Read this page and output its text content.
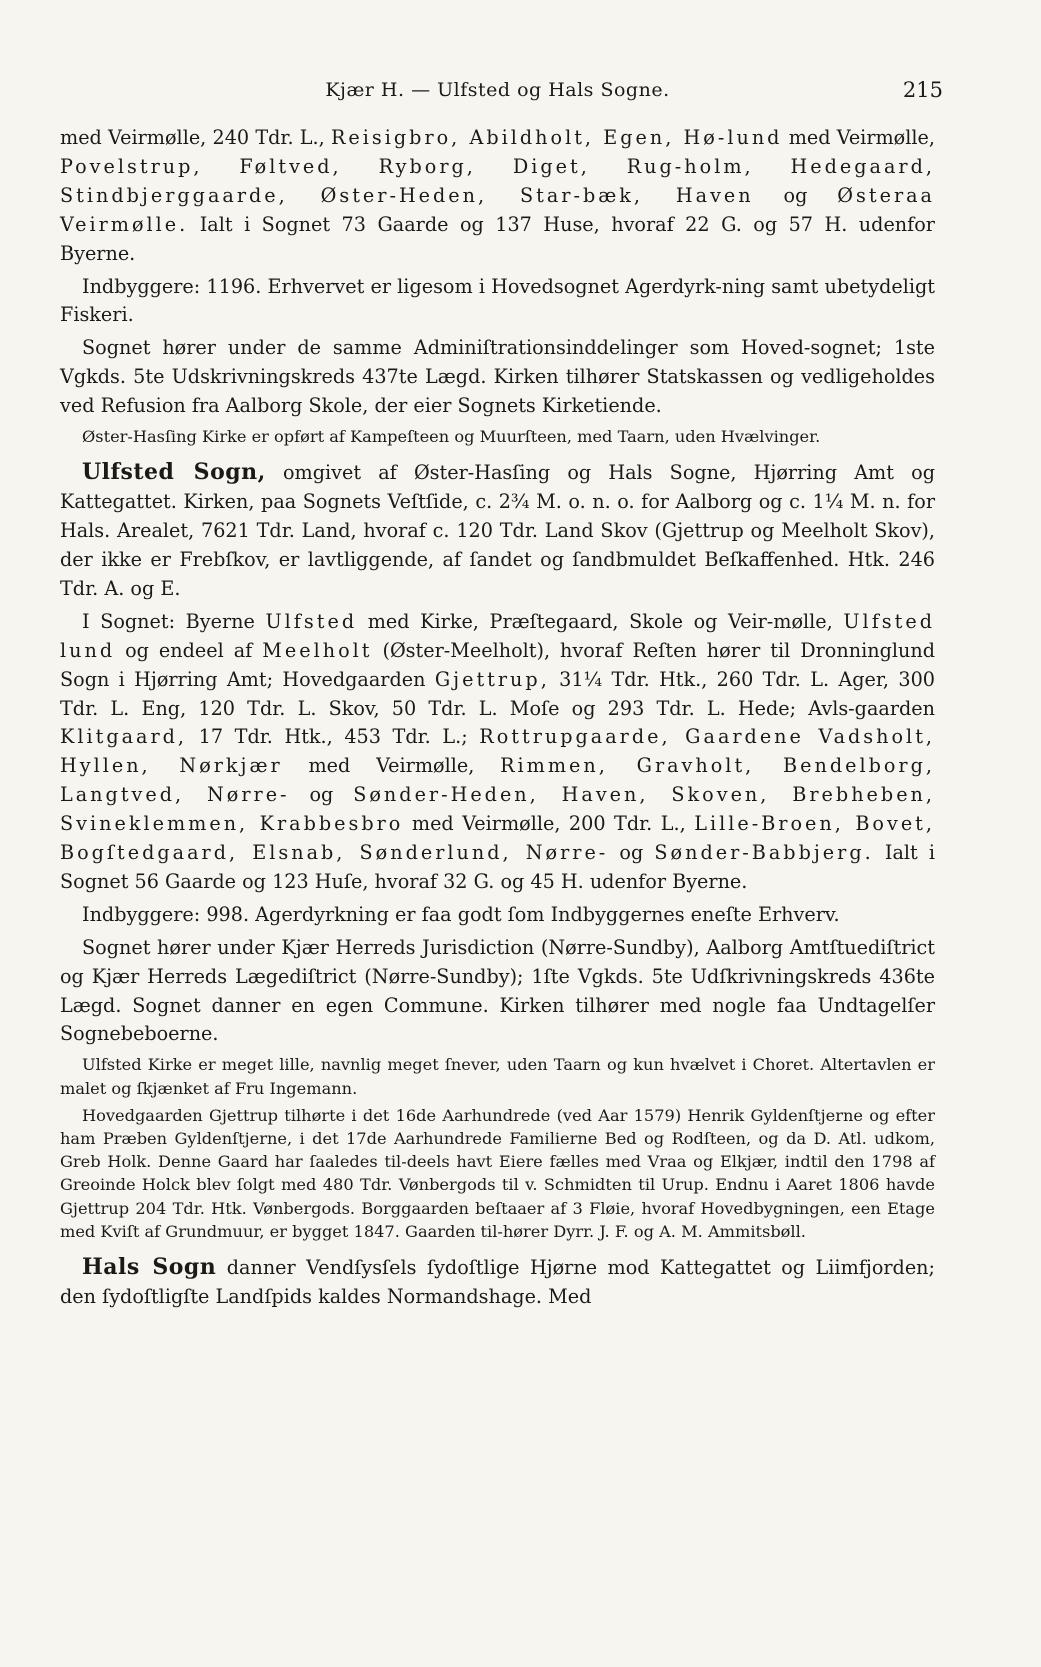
Kjær H. — Ulfsted og Hals Sogne.	215

med Veirmølle, 240 Tdr. L., Reisigbro, Abildholt, Egen, Hø-lund med Veirmølle, Povelstrup, Føltved, Ryborg, Diget, Rug-holm, Hedegaard, Stindbjerggaarde, Øster-Heden, Star-bæk, Haven og Østeraa Veirmølle. Ialt i Sognet 73 Gaarde og 137 Huse, hvoraf 22 G. og 57 H. udenfor Byerne.

Indbyggere: 1196. Erhvervet er ligesom i Hovedsognet Agerdyrk-ning samt ubetydeligt Fiskeri.

Sognet hører under de samme Adminiſtrationsinddelinger som Hoved-sognet; 1ste Vgkds. 5te Udskrivningskreds 437te Lægd. Kirken tilhører Statskassen og vedligeholdes ved Refusion fra Aalborg Skole, der eier Sognets Kirketiende.

Øster-Hasſing Kirke er opført af Kampeſteen og Muurſteen, med Taarn, uden Hvælvinger.

Ulfsted Sogn, omgivet af Øster-Hasſing og Hals Sogne, Hjørring Amt og Kattegattet. Kirken, paa Sognets Veſtſide, c. 2¾ M. o. n. o. for Aalborg og c. 1¼ M. n. for Hals. Arealet, 7621 Tdr. Land, hvoraf c. 120 Tdr. Land Skov (Gjettrup og Meelholt Skov), der ikke er Frebſkov, er lavtliggende, af ſandet og ſandbmuldet Beſkaffenhed. Htk. 246 Tdr. A. og E.

I Sognet: Byerne Ulfsted med Kirke, Præſtegaard, Skole og Veir-mølle, Ulfsted lund og endeel af Meelholt (Øster-Meelholt), hvoraf Reſten hører til Dronninglund Sogn i Hjørring Amt; Hovedgaarden Gjettrup, 31¼ Tdr. Htk., 260 Tdr. L. Ager, 300 Tdr. L. Eng, 120 Tdr. L. Skov, 50 Tdr. L. Moſe og 293 Tdr. L. Hede; Avls-gaarden Klitgaard, 17 Tdr. Htk., 453 Tdr. L.; Rottrupgaarde, Gaardene Vadsholt, Hyllen, Nørkjær med Veirmølle, Rimmen, Gravholt, Bendelborg, Langtved, Nørre- og Sønder-Heden, Haven, Skoven, Brebheben, Svineklemmen, Krabbesbro med Veirmølle, 200 Tdr. L., Lille-Broen, Bovet, Bogſtedgaard, Elsnab, Sønderlund, Nørre- og Sønder-Babbjerg. Ialt i Sognet 56 Gaarde og 123 Huſe, hvoraf 32 G. og 45 H. udenfor Byerne.

Indbyggere: 998. Agerdyrkning er faa godt ſom Indbyggernes eneſte Erhverv.

Sognet hører under Kjær Herreds Jurisdiction (Nørre-Sundby), Aalborg Amtſtuediſtrict og Kjær Herreds Lægediſtrict (Nørre-Sundby); 1ſte Vgkds. 5te Udſkrivningskreds 436te Lægd. Sognet danner en egen Commune. Kirken tilhører med nogle faa Undtagelſer Sognebeboerne.

Ulfsted Kirke er meget lille, navnlig meget ſnever, uden Taarn og kun hvælvet i Choret. Altertavlen er malet og ſkjænket af Fru Ingemann.

Hovedgaarden Gjettrup tilhørte i det 16de Aarhundrede (ved Aar 1579) Henrik Gyldenſtjerne og efter ham Præben Gyldenſtjerne, i det 17de Aarhundrede Familierne Bed og Rodſteen, og da D. Atl. udkom, Greb Holk. Denne Gaard har ſaaledes til-deels havt Eiere fælles med Vraa og Elkjær, indtil den 1798 af Greoinde Holck blev ſolgt med 480 Tdr. Vønbergods til v. Schmidten til Urup. Endnu i Aaret 1806 havde Gjettrup 204 Tdr. Htk. Vønbergods. Borggaarden beſtaaer af 3 Fløie, hvoraf Hovedbygningen, een Etage med Kviſt af Grundmuur, er bygget 1847. Gaarden til-hører Dyrr. J. F. og A. M. Ammitsbøll.

Hals Sogn danner Vendſysſels ſydoſtlige Hjørne mod Kattegattet og Liimfjorden; den ſydoſtligſte Landſpids kaldes Normandshage. Med
